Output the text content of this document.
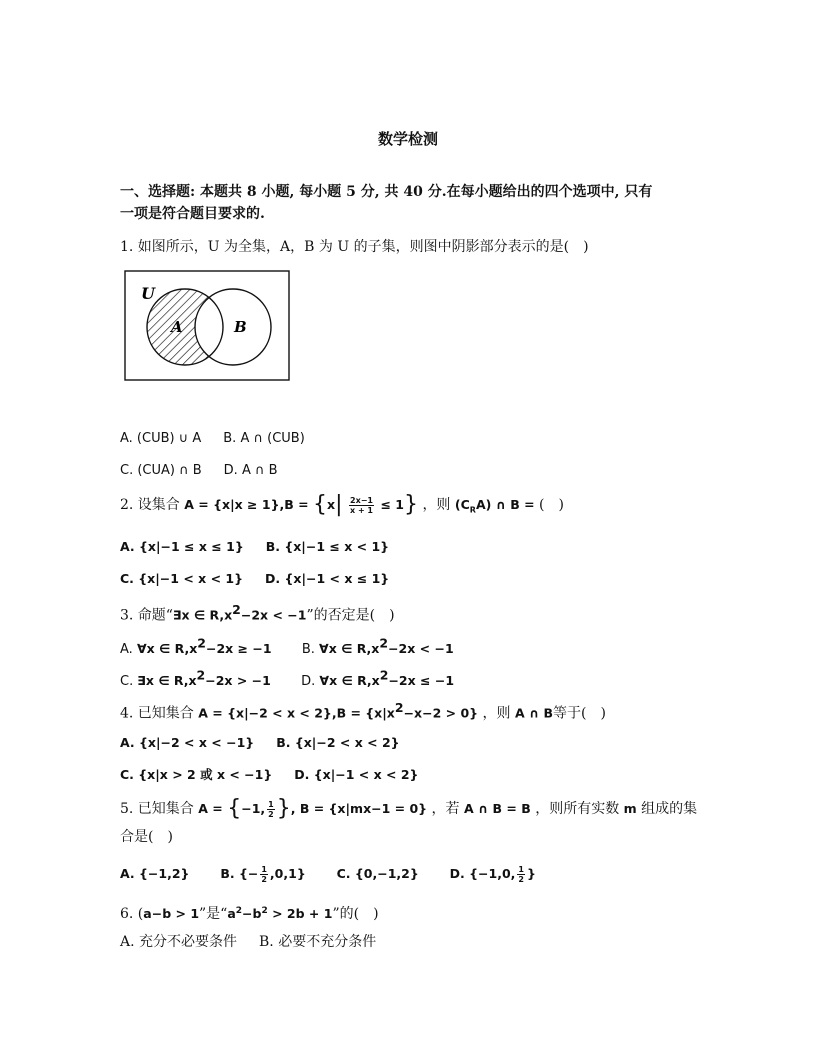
数学检测
一、选择题: 本题共 8 小题, 每小题 5 分, 共 40 分.在每小题给出的四个选项中, 只有
一项是符合题目要求的.
1. 如图所示，U 为全集，A，B 为 U 的子集，则图中阴影部分表示的是(　)
U
A	B
A. (CUB) ∪ A B. A ∩ (CUB)
C. (CUA) ∩ B D. A ∩ B
2. 设集合 $A = \{x|x \ge 1\},B = \{x| \frac{2x-1}{x + 1} \le 1\}$ ，则 $(C_RA)$ ∩ B = (　)
A. {x|−1 ≤ x ≤ 1} B. {x|−1 ≤ x < 1}
C. {x|−1 < x < 1} D. {x|−1 < x ≤ 1}
3. 命题“∃x ∈ $R,x^2-2x < -1$”的否定是(　)
A. ∀x ∈ $R,x^2-2x \ge -1$ B. ∀x ∈ $R,x^2-2x < -1$
C. ∃x ∈ $R,x^2-2x > -1$ D. ∀x ∈ $R,x^2-2x \le -1$
4. 已知集合 $A = \{x|-2 < x < 2\},B = \{x|x^2-x-2 > 0\}$ ，则 A ∩ B等于(　)
A. {x|−2 < x < −1} B. {x|−2 < x < 2}
C. {x|x > 2 或 x < −1} D. {x|−1 < x < 2}
5. 已知集合 A = {−1, $\frac{1}{2}$ }, B = {x|mx−1 = 0} ，若 A ∩ B = B ，则所有实数 m 组成的集
合是(　)
A. {−1,2} B. {− $\frac{1}{2} ,0,1$} C. {0,−1,2} D. {−1,0, $\frac{1}{2}$ }
6. (a−b > 1”是“$a^2-b^2 > 2b + 1$”的(　)
A. 充分不必要条件 B. 必要不充分条件
